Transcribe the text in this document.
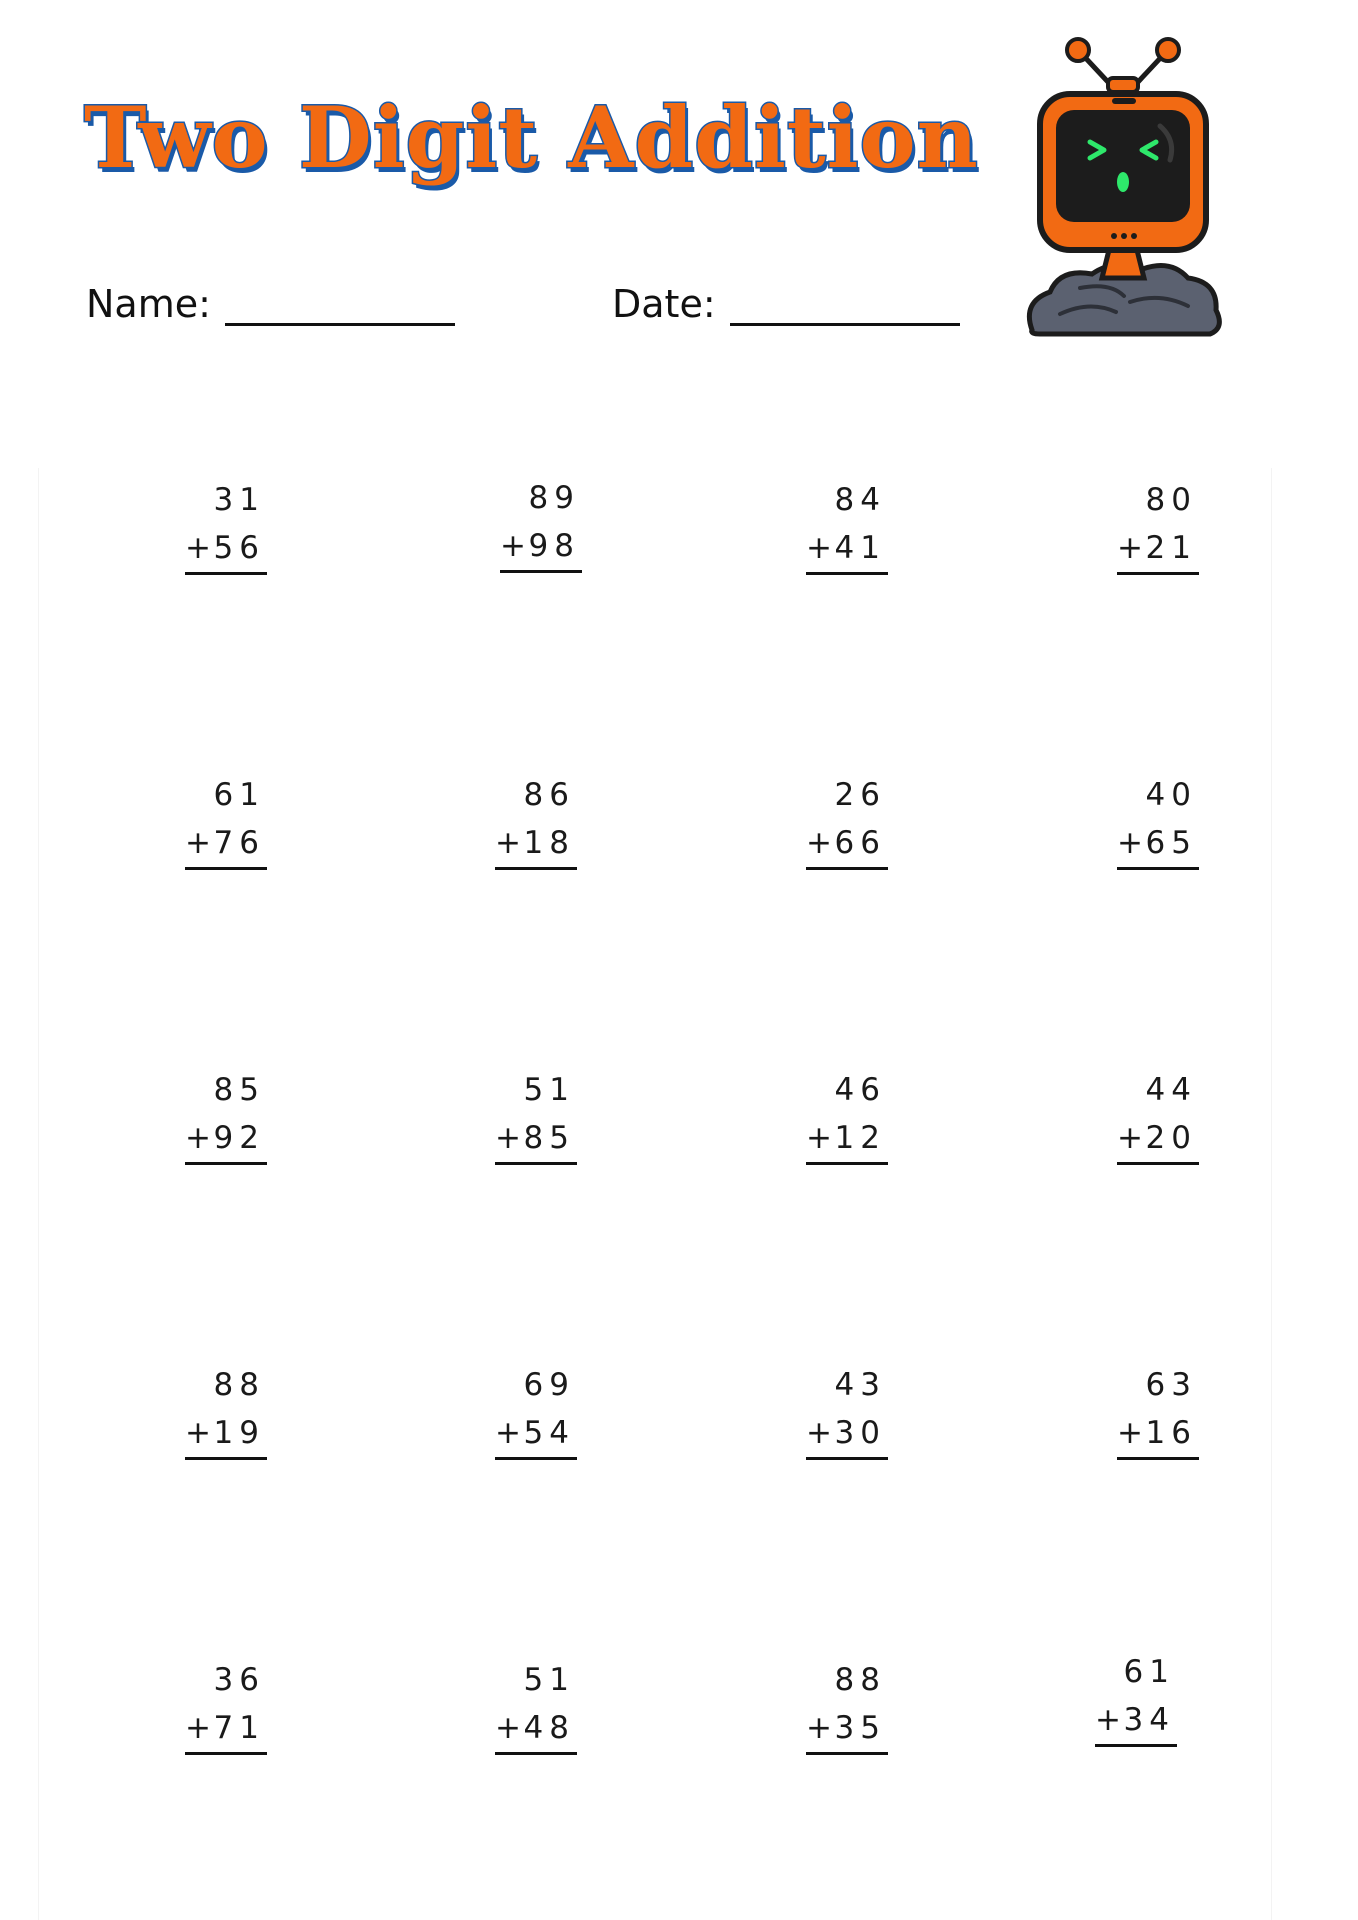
Two Digit Addition
Name:	Date:
31
+ 56
89
+ 98
84
+ 41
80
+ 21
61
+ 76
86
+ 18
26
+ 66
40
+ 65
85
+ 92
51
+ 85
46
+ 12
44
+ 20
88
+ 19
69
+ 54
43
+ 30
63
+ 16
36
+ 71
51
+ 48
88
+ 35
61
+ 34
